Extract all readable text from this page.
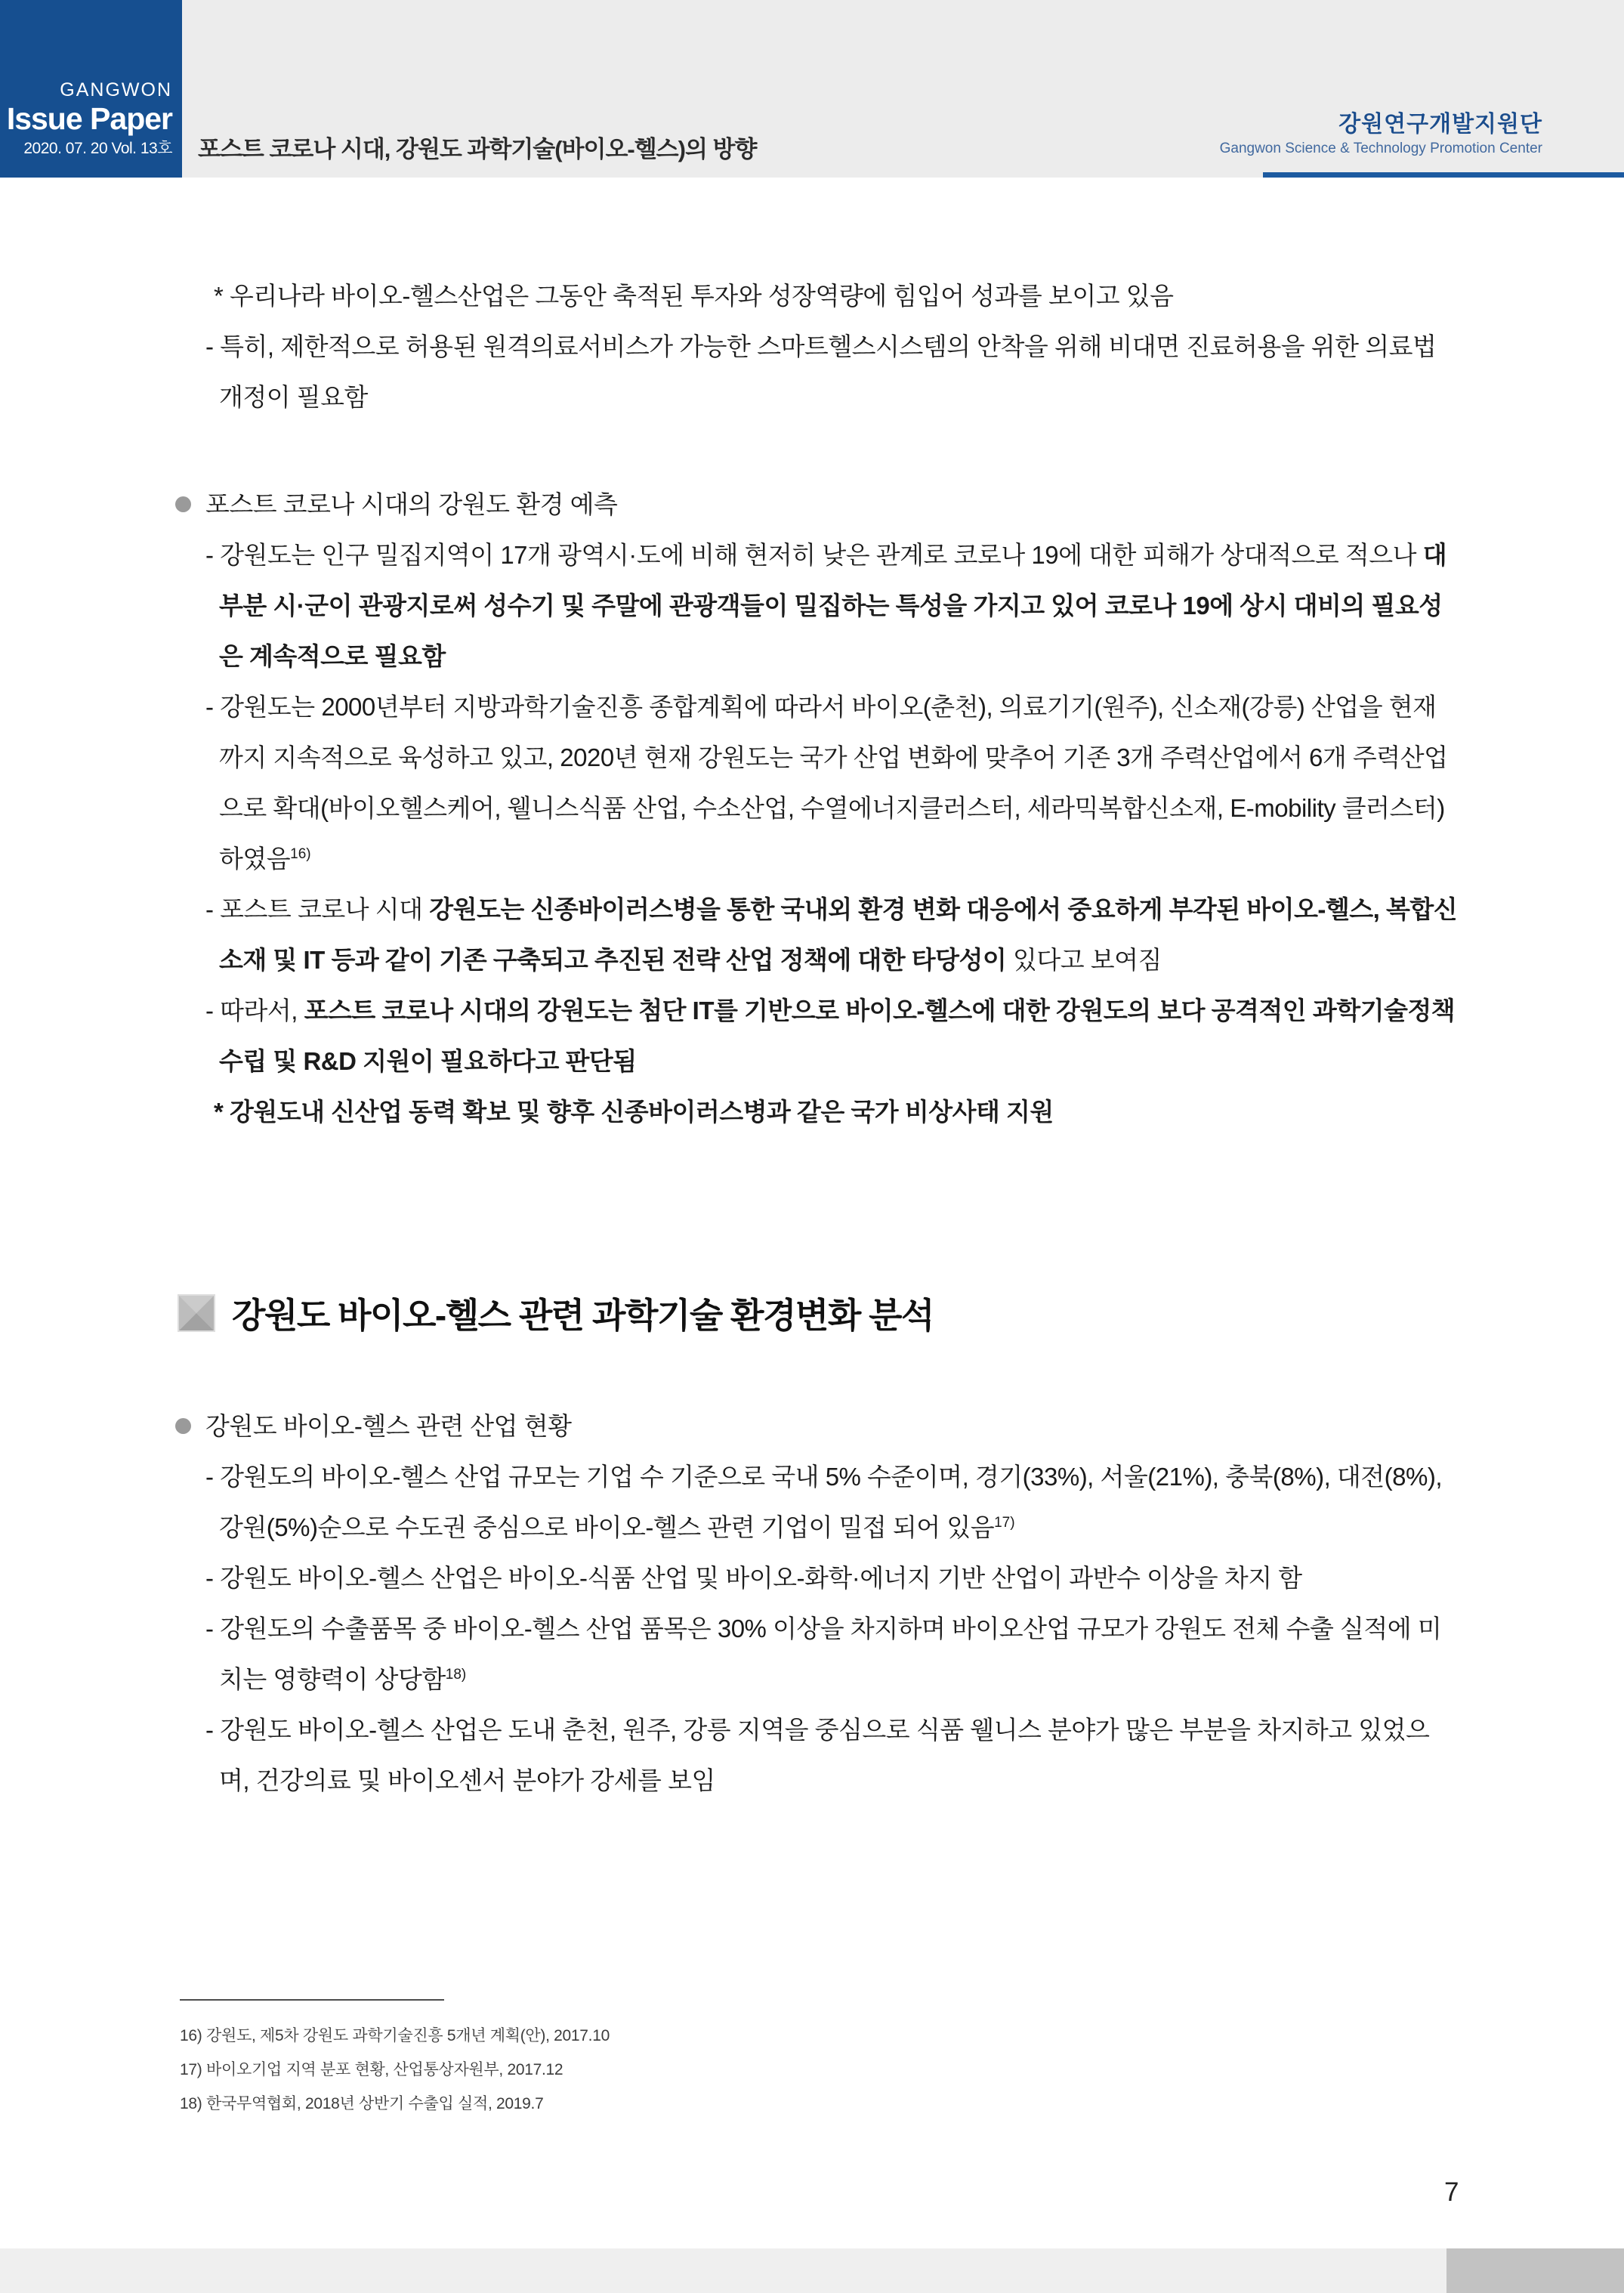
GANGWON
Issue Paper
2020. 07. 20 Vol. 13호 포스트 코로나 시대, 강원도 과학기술(바이오-헬스)의 방향
강원연구개발지원단
Gangwon Science & Technology Promotion Center
* 우리나라 바이오-헬스산업은 그동안 축적된 투자와 성장역량에 힘입어 성과를 보이고 있음
- 특히, 제한적으로 허용된 원격의료서비스가 가능한 스마트헬스시스템의 안착을 위해 비대면 진료허용을 위한 의료법 개정이 필요함
포스트 코로나 시대의 강원도 환경 예측
- 강원도는 인구 밀집지역이 17개 광역시·도에 비해 현저히 낮은 관계로 코로나 19에 대한 피해가 상대적으로 적으나 대부분 시·군이 관광지로써 성수기 및 주말에 관광객들이 밀집하는 특성을 가지고 있어 코로나 19에 상시 대비의 필요성은 계속적으로 필요함
- 강원도는 2000년부터 지방과학기술진흥 종합계획에 따라서 바이오(춘천), 의료기기(원주), 신소재(강릉) 산업을 현재까지 지속적으로 육성하고 있고, 2020년 현재 강원도는 국가 산업 변화에 맞추어 기존 3개 주력산업에서 6개 주력산업으로 확대(바이오헬스케어, 웰니스식품 산업, 수소산업, 수열에너지클러스터, 세라믹복합신소재, E-mobility 클러스터)하였음$^{16)}$
- 포스트 코로나 시대 강원도는 신종바이러스병을 통한 국내외 환경 변화 대응에서 중요하게 부각된 바이오-헬스, 복합신소재 및 IT 등과 같이 기존 구축되고 추진된 전략 산업 정책에 대한 타당성이 있다고 보여짐
- 따라서, 포스트 코로나 시대의 강원도는 첨단 IT를 기반으로 바이오-헬스에 대한 강원도의 보다 공격적인 과학기술정책 수립 및 R&D 지원이 필요하다고 판단됨
* 강원도내 신산업 동력 확보 및 향후 신종바이러스병과 같은 국가 비상사태 지원
강원도 바이오-헬스 관련 과학기술 환경변화 분석
강원도 바이오-헬스 관련 산업 현황
- 강원도의 바이오-헬스 산업 규모는 기업 수 기준으로 국내 5% 수준이며, 경기(33%), 서울(21%), 충북(8%), 대전(8%), 강원(5%)순으로 수도권 중심으로 바이오-헬스 관련 기업이 밀접 되어 있음$^{17)}$
- 강원도 바이오-헬스 산업은 바이오-식품 산업 및 바이오-화학·에너지 기반 산업이 과반수 이상을 차지 함
- 강원도의 수출품목 중 바이오-헬스 산업 품목은 30% 이상을 차지하며 바이오산업 규모가 강원도 전체 수출 실적에 미치는 영향력이 상당함$^{18)}$
- 강원도 바이오-헬스 산업은 도내 춘천, 원주, 강릉 지역을 중심으로 식품 웰니스 분야가 많은 부분을 차지하고 있었으며, 건강의료 및 바이오센서 분야가 강세를 보임
16) 강원도, 제5차 강원도 과학기술진흥 5개년 계획(안), 2017.10
17) 바이오기업 지역 분포 현황, 산업통상자원부, 2017.12
18) 한국무역협회, 2018년 상반기 수출입 실적, 2019.7
7
